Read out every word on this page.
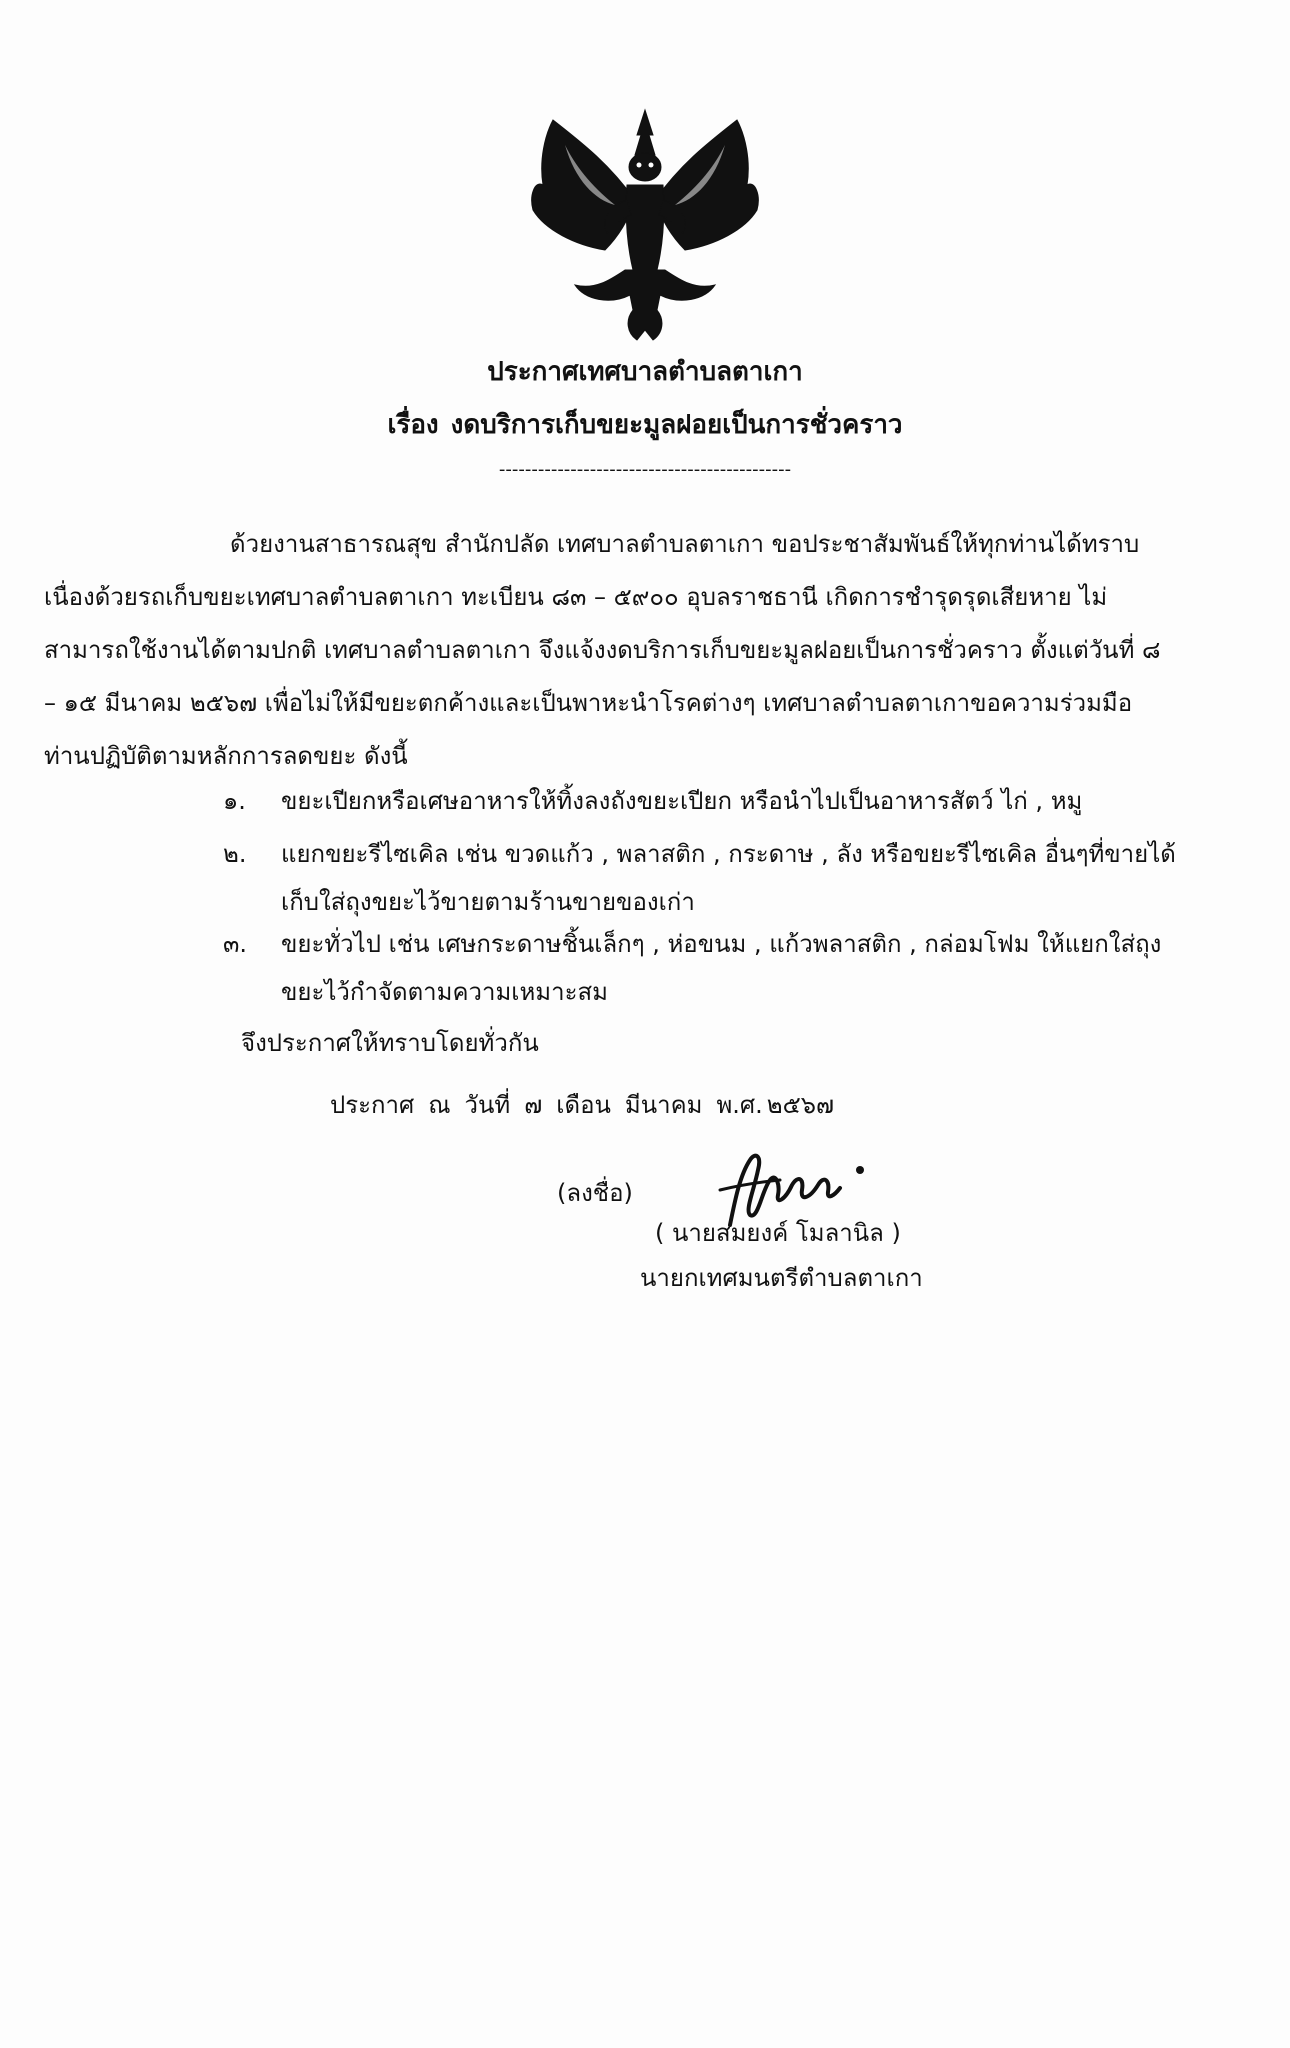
ประกาศเทศบาลตำบลตาเกา
เรื่อง งดบริการเก็บขยะมูลฝอยเป็นการชั่วคราว
---------------------------------------------
ด้วยงานสาธารณสุข สำนักปลัด เทศบาลตำบลตาเกา ขอประชาสัมพันธ์ให้ทุกท่านได้ทราบ
เนื่องด้วยรถเก็บขยะเทศบาลตำบลตาเกา ทะเบียน ๘๓ – ๕๙๐๐ อุบลราชธานี เกิดการชำรุดรุดเสียหาย ไม่
สามารถใช้งานได้ตามปกติ เทศบาลตำบลตาเกา จึงแจ้งงดบริการเก็บขยะมูลฝอยเป็นการชั่วคราว ตั้งแต่วันที่ ๘
– ๑๕ มีนาคม ๒๕๖๗ เพื่อไม่ให้มีขยะตกค้างและเป็นพาหะนำโรคต่างๆ เทศบาลตำบลตาเกาขอความร่วมมือ
ท่านปฏิบัติตามหลักการลดขยะ ดังนี้
๑.	ขยะเปียกหรือเศษอาหารให้ทิ้งลงถังขยะเปียก หรือนำไปเป็นอาหารสัตว์ ไก่ , หมู
๒.	แยกขยะรีไซเคิล เช่น ขวดแก้ว , พลาสติก , กระดาษ , ลัง หรือขยะรีไซเคิล อื่นๆที่ขายได้
เก็บใส่ถุงขยะไว้ขายตามร้านขายของเก่า
๓.	ขยะทั่วไป เช่น เศษกระดาษชิ้นเล็กๆ , ห่อขนม , แก้วพลาสติก , กล่อมโฟม ให้แยกใส่ถุง
ขยะไว้กำจัดตามความเหมาะสม
จึงประกาศให้ทราบโดยทั่วกัน
ประกาศ ณ วันที่ ๗ เดือน มีนาคม พ.ศ. ๒๕๖๗
(ลงชื่อ)
( นายสมยงค์ โมลานิล )
นายกเทศมนตรีตำบลตาเกา
